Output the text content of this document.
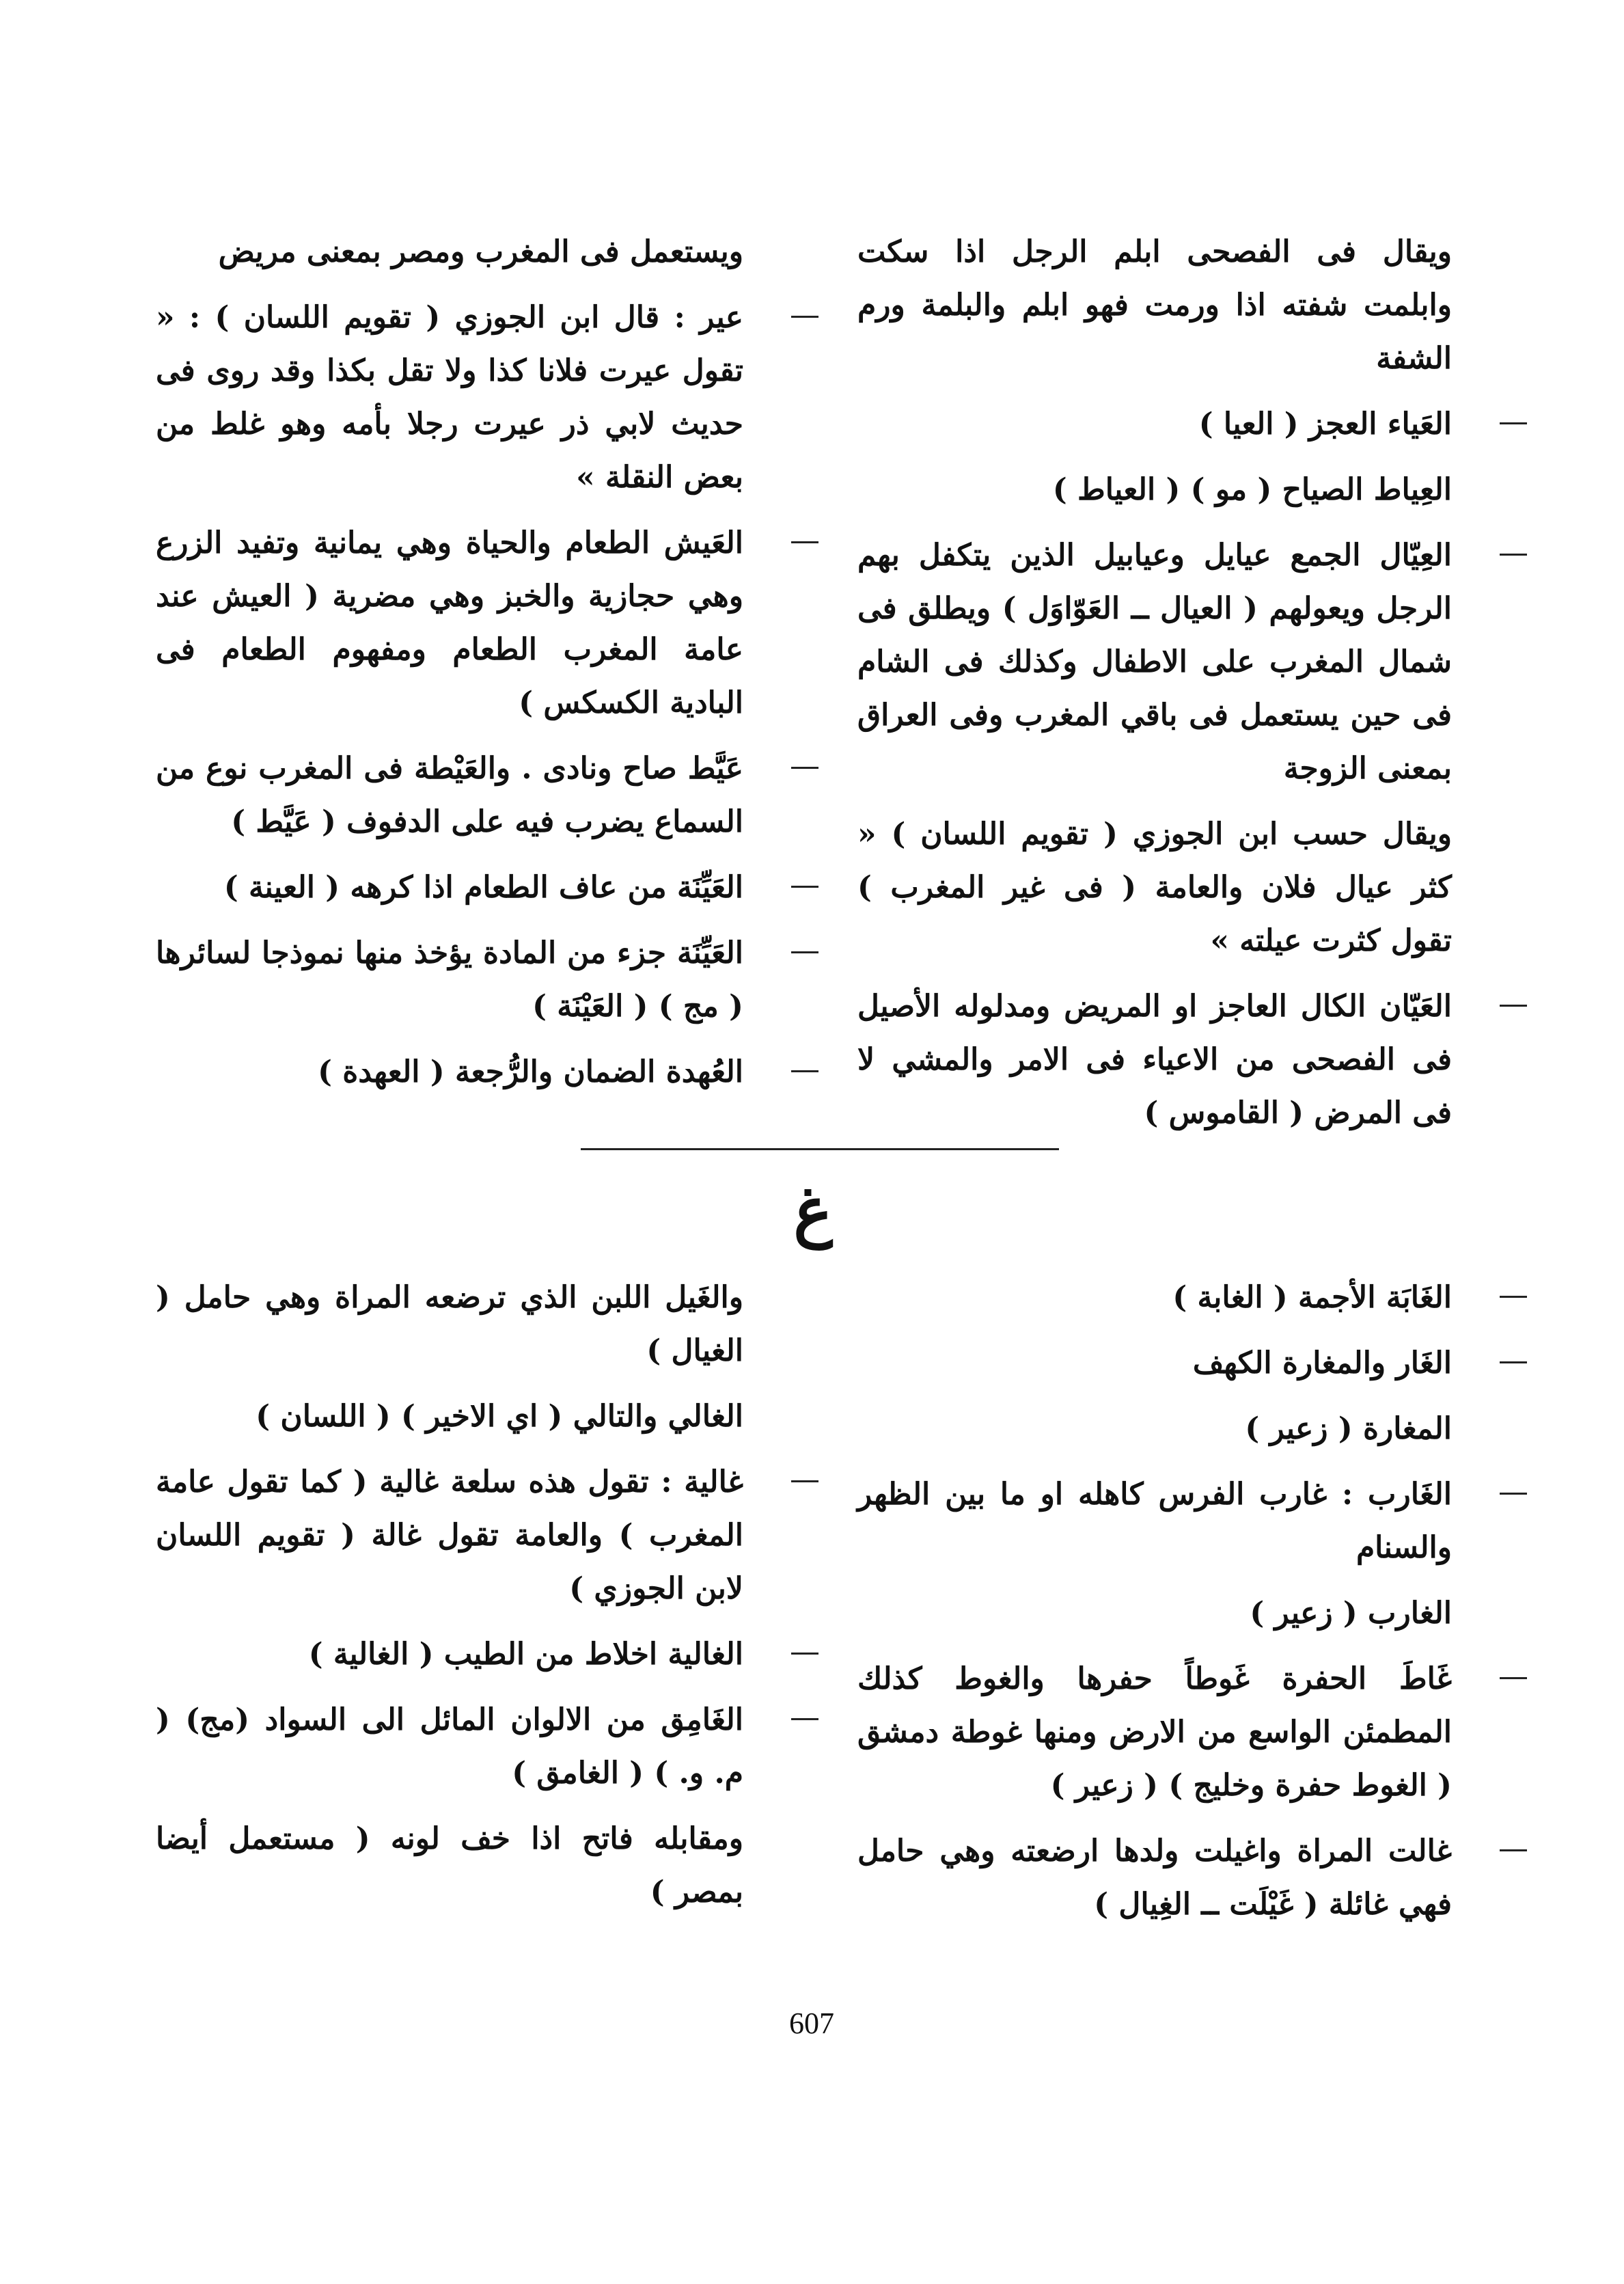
ويقال فى الفصحى ابلم الرجل اذا سكت وابلمت شفته اذا ورمت فهو ابلم والبلمة ورم الشفة
العَياء العجز ( العيا )
العِياط الصياح ( مو ) ( العياط )
العِيّال الجمع عيايل وعيابيل الذين يتكفل بهم الرجل ويعولهم ( العيال ــ العَوّاوَل ) ويطلق فى شمال المغرب على الاطفال وكذلك فى الشام فى حين يستعمل فى باقي المغرب وفى العراق بمعنى الزوجة
ويقال حسب ابن الجوزي ( تقويم اللسان ) « كثر عيال فلان والعامة ( فى غير المغرب ) تقول كثرت عيلته »
العَيّان الكال العاجز او المريض ومدلوله الأصيل فى الفصحى من الاعياء فى الامر والمشي لا فى المرض ( القاموس )
ويستعمل فى المغرب ومصر بمعنى مريض
عير : قال ابن الجوزي ( تقويم اللسان ) : « تقول عيرت فلانا كذا ولا تقل بكذا وقد روى فى حديث لابي ذر عيرت رجلا بأمه وهو غلط من بعض النقلة »
العَيش الطعام والحياة وهي يمانية وتفيد الزرع وهي حجازية والخبز وهي مضرية ( العيش عند عامة المغرب الطعام ومفهوم الطعام فى البادية الكسكس )
عَيَّط صاح ونادى . والعَيْطة فى المغرب نوع من السماع يضرب فيه على الدفوف ( عَيَّط )
العَيِّنَة من عاف الطعام اذا كرهه ( العينة )
العَيِّنَة جزء من المادة يؤخذ منها نموذجا لسائرها ( مج ) ( العَيْنَة )
العُهدة الضمان والرُّجعة ( العهدة )
غ
الغَابَة الأجمة ( الغابة )
الغَار والمغارة الكهف
المغارة ( زعير )
الغَارب : غارب الفرس كاهله او ما بين الظهر والسنام
الغارب ( زعير )
غَاطَ الحفرة غَوطاً حفرها والغوط كذلك المطمئن الواسع من الارض ومنها غوطة دمشق ( الغوط حفرة وخليج ) ( زعير )
غالت المراة واغيلت ولدها ارضعته وهي حامل فهي غائلة ( غَيْلَت ــ الغِيال )
والغَيل اللبن الذي ترضعه المراة وهي حامل ( الغيال )
الغالي والتالي ( اي الاخير ) ( اللسان )
غالية : تقول هذه سلعة غالية ( كما تقول عامة المغرب ) والعامة تقول غالة ( تقويم اللسان لابن الجوزي )
الغالية اخلاط من الطيب ( الغالية )
الغَامِق من الالوان المائل الى السواد (مج) ( م. و. ) ( الغامق )
ومقابله فاتح اذا خف لونه ( مستعمل أيضا بمصر )
607
